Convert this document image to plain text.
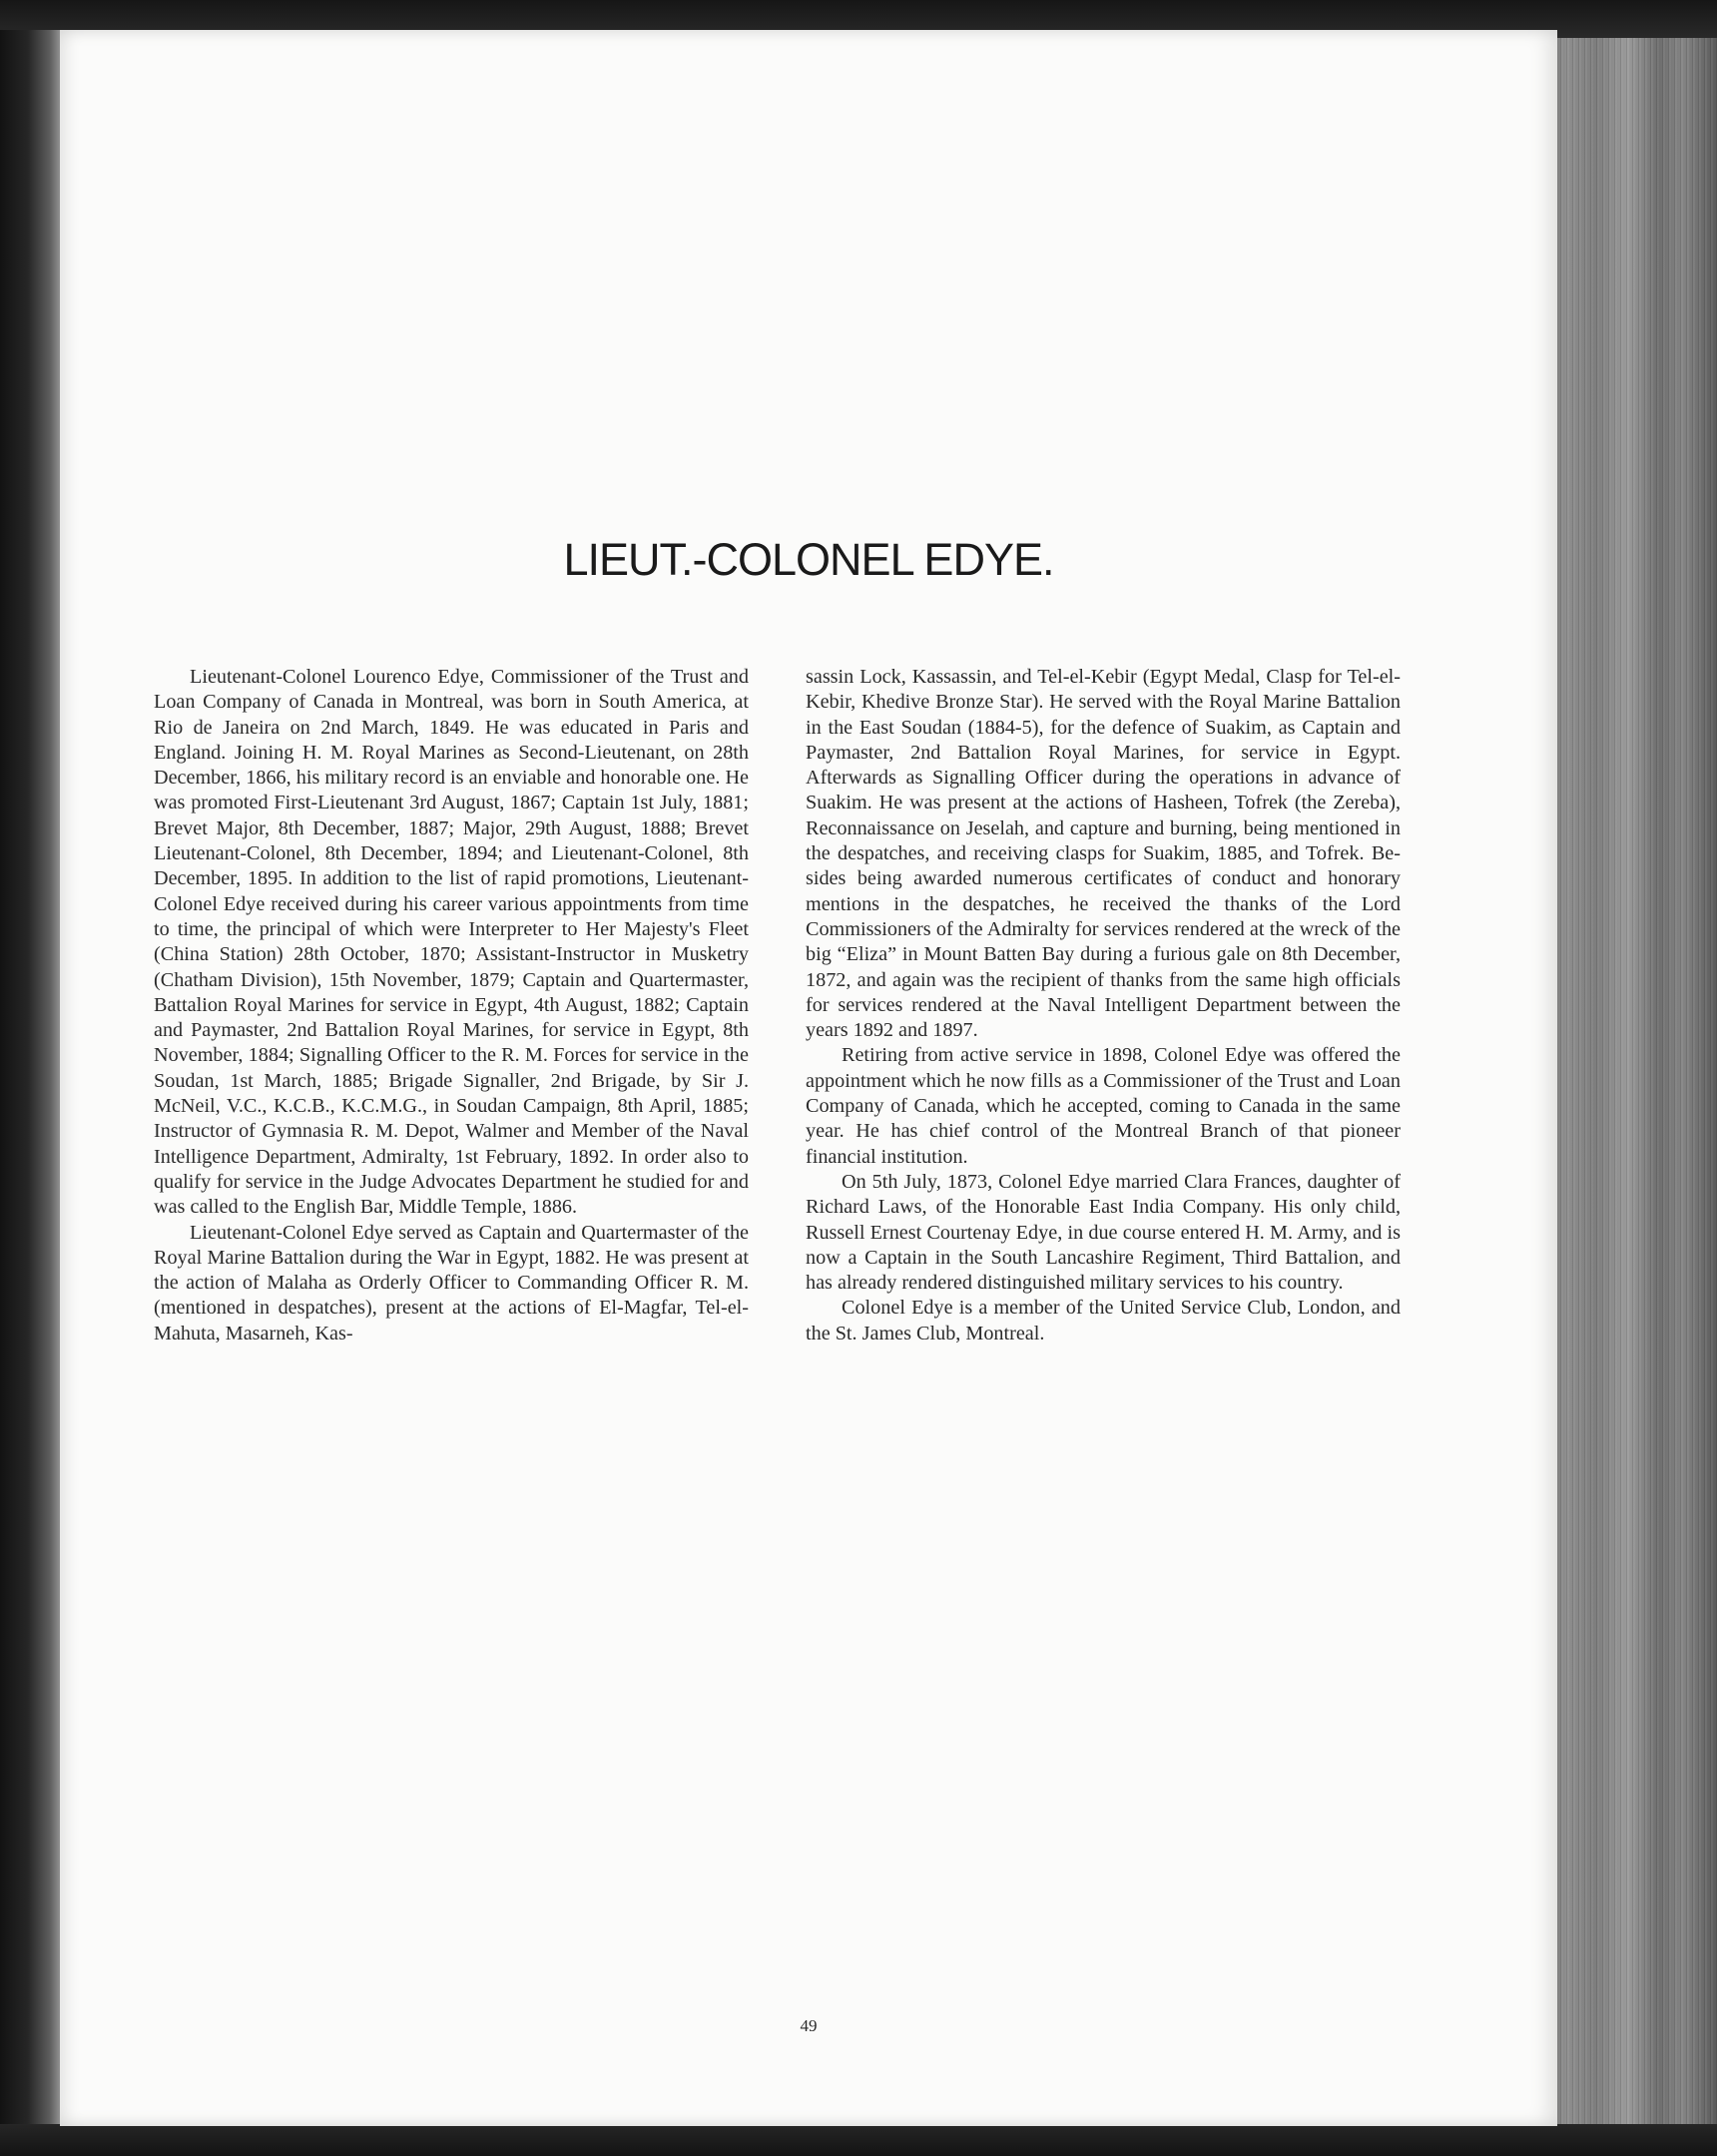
LIEUT.-COLONEL EDYE.

Lieutenant-Colonel Lourenco Edye, Commissioner of the Trust and Loan Company of Canada in Montreal, was born in South America, at Rio de Janeira on 2nd March, 1849. He was educated in Paris and England. Joining H. M. Royal Marines as Second-Lieutenant, on 28th December, 1866, his military record is an enviable and honorable one. He was promoted First-Lieutenant 3rd August, 1867; Captain 1st July, 1881; Brevet Major, 8th December, 1887; Major, 29th August, 1888; Brevet Lieutenant-Colonel, 8th December, 1894; and Lieutenant-Colonel, 8th December, 1895. In addition to the list of rapid promotions, Lieutenant-Colonel Edye received during his career various appointments from time to time, the principal of which were Interpreter to Her Majesty's Fleet (China Station) 28th October, 1870; Assistant-Instructor in Musketry (Chatham Division), 15th November, 1879; Captain and Quartermaster, Battalion Royal Marines for service in Egypt, 4th August, 1882; Captain and Paymaster, 2nd Battalion Royal Marines, for service in Egypt, 8th November, 1884; Signalling Officer to the R. M. Forces for service in the Soudan, 1st March, 1885; Brigade Signaller, 2nd Brigade, by Sir J. McNeil, V.C., K.C.B., K.C.M.G., in Soudan Campaign, 8th April, 1885; Instructor of Gymnasia R. M. Depot, Walmer and Member of the Naval Intelligence Department, Admiralty, 1st February, 1892. In order also to qualify for service in the Judge Advocates Department he studied for and was called to the English Bar, Middle Temple, 1886.

Lieutenant-Colonel Edye served as Captain and Quartermaster of the Royal Marine Battalion during the War in Egypt, 1882. He was present at the action of Malaha as Orderly Officer to Commanding Officer R. M. (mentioned in despatches), present at the actions of El-Magfar, Tel-el-Mahuta, Masarneh, Kas-

sassin Lock, Kassassin, and Tel-el-Kebir (Egypt Medal, Clasp for Tel-el-Kebir, Khedive Bronze Star). He served with the Royal Marine Battalion in the East Soudan (1884-5), for the defence of Suakim, as Captain and Paymaster, 2nd Battalion Royal Marines, for service in Egypt. Afterwards as Signalling Officer during the operations in advance of Suakim. He was present at the actions of Hasheen, Tofrek (the Zereba), Reconnaissance on Jeselah, and capture and burning, being mentioned in the despatches, and receiving clasps for Suakim, 1885, and Tofrek. Besides being awarded numerous certificates of conduct and honorary mentions in the despatches, he received the thanks of the Lord Commissioners of the Admiralty for services rendered at the wreck of the big “Eliza” in Mount Batten Bay during a furious gale on 8th December, 1872, and again was the recipient of thanks from the same high officials for services rendered at the Naval Intelligent Department between the years 1892 and 1897.

Retiring from active service in 1898, Colonel Edye was offered the appointment which he now fills as a Commissioner of the Trust and Loan Company of Canada, which he accepted, coming to Canada in the same year. He has chief control of the Montreal Branch of that pioneer financial institution.

On 5th July, 1873, Colonel Edye married Clara Frances, daughter of Richard Laws, of the Honorable East India Company. His only child, Russell Ernest Courtenay Edye, in due course entered H. M. Army, and is now a Captain in the South Lancashire Regiment, Third Battalion, and has already rendered distinguished military services to his country.

Colonel Edye is a member of the United Service Club, London, and the St. James Club, Montreal.

49
